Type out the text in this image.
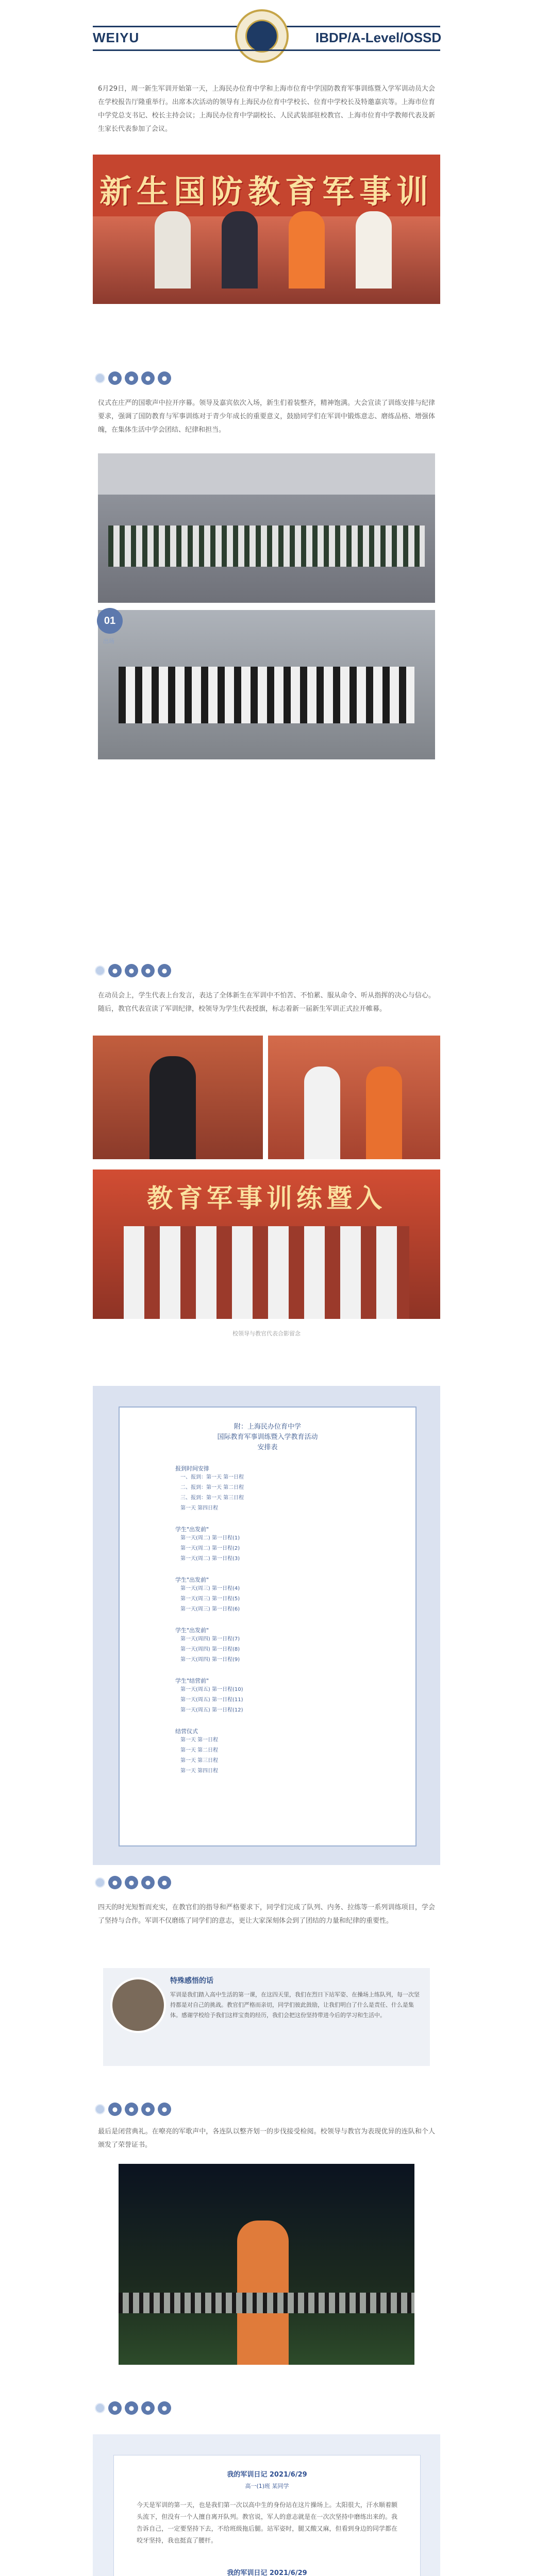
WEIYU	IBDP/A-Level/OSSD
6月29日，周一新生军训开始第一天，上海民办位育中学和上海市位育中学国防教育军事训练暨入学军训动员大会在学校报告厅隆重举行。出席本次活动的领导有上海民办位育中学校长、位育中学校长及特邀嘉宾等。上海市位育中学党总支书记、校长主持会议；上海民办位育中学副校长、人民武装部驻校教官、上海市位育中学教师代表及新生家长代表参加了会议。
新生国防教育军事训
●	●	●	●
仪式在庄严的国歌声中拉开序幕。领导及嘉宾依次入场，新生们着装整齐，精神饱满。大会宣读了训练安排与纪律要求，强调了国防教育与军事训练对于青少年成长的重要意义，鼓励同学们在军训中锻炼意志、磨练品格、增强体魄，在集体生活中学会团结、纪律和担当。
01
出场
●	●	●	●
在动员会上，学生代表上台发言，表达了全体新生在军训中不怕苦、不怕累、服从命令、听从指挥的决心与信心。随后，教官代表宣读了军训纪律，校领导为学生代表授旗，标志着新一届新生军训正式拉开帷幕。
教育军事训练暨入
校领导与教官代表合影留念
附：上海民办位育中学
国际教育军事训练暨入学教育活动
安排表
报到时间安排
一、报到：第一天 第一日程
二、报到：第一天 第二日程
三、报到：第一天 第三日程
第一天 第四日程
学生"出发前"
第一天(周二) 第一日程(1)
第一天(周二) 第一日程(2)
第一天(周二) 第一日程(3)
学生"出发前"
第一天(周三) 第一日程(4)
第一天(周三) 第一日程(5)
第一天(周三) 第一日程(6)
学生"出发前"
第一天(周四) 第一日程(7)
第一天(周四) 第一日程(8)
第一天(周四) 第一日程(9)
学生"结营前"
第一天(周五) 第一日程(10)
第一天(周五) 第一日程(11)
第一天(周五) 第一日程(12)
结营仪式
第一天 第一日程
第一天 第二日程
第一天 第三日程
第一天 第四日程
●	●	●	●
四天的时光短暂而充实，在教官们的指导和严格要求下，同学们完成了队列、内务、拉练等一系列训练项目，学会了坚持与合作。军训不仅磨练了同学们的意志，更让大家深刻体会到了团结的力量和纪律的重要性。
特殊感悟的话
军训是我们踏入高中生活的第一课，在这四天里，我们在烈日下站军姿、在操场上练队列，每一次坚持都是对自己的挑战。教官们严格而亲切，同学们彼此鼓励，让我们明白了什么是责任、什么是集体。感谢学校给予我们这样宝贵的经历，我们会把这份坚持带进今后的学习和生活中。
●	●	●	●
最后是闭营典礼。在嘹亮的军歌声中，各连队以整齐划一的步伐接受检阅。校领导与教官为表现优异的连队和个人颁发了荣誉证书。
●	●	●	●
我的军训日记 2021/6/29
高一(1)班 某同学
今天是军训的第一天，也是我们第一次以高中生的身份站在这片操场上。太阳很大，汗水顺着额头流下，但没有一个人擅自离开队列。教官说，军人的意志就是在一次次坚持中磨练出来的。我告诉自己，一定要坚持下去，不给班级拖后腿。站军姿时，腿又酸又麻，但看到身边的同学都在咬牙坚持，我也挺直了腰杆。
我的军训日记 2021/6/29
